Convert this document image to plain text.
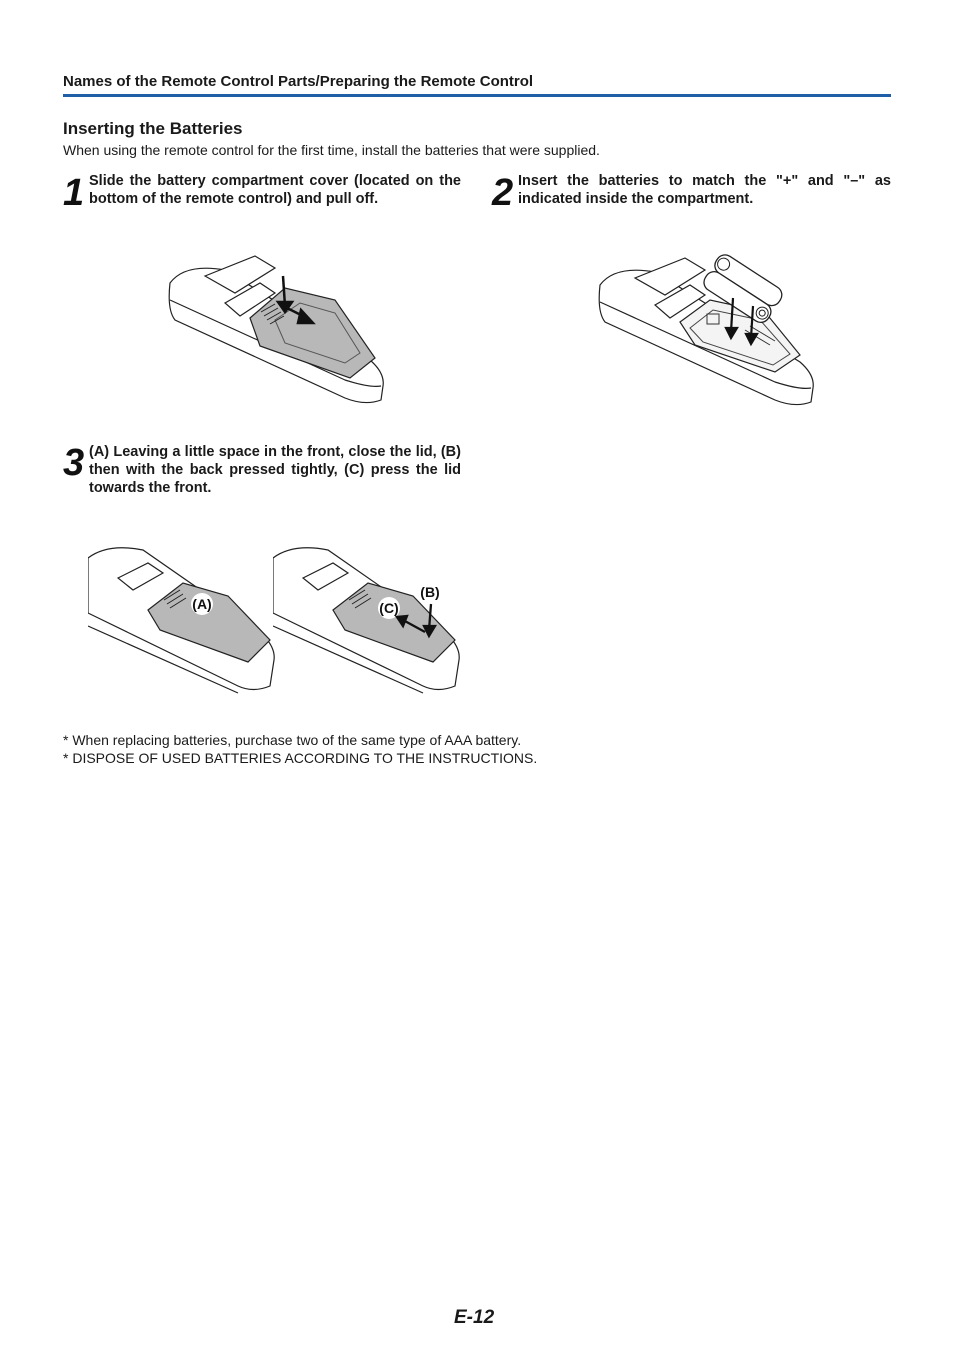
Names of the Remote Control Parts/Preparing the Remote Control
Inserting the Batteries
When using the remote control for the first time, install the batteries that were supplied.
1 Slide the battery compartment cover (located on the bottom of the remote control) and pull off.	2 Insert the batteries to match the "+" and "–" as indicated inside the compartment.
3 (A) Leaving a little space in the front, close the lid, (B) then with the back pressed tightly, (C) press the lid towards the front.
(A)	(C)
(B)
* When replacing batteries, purchase two of the same type of AAA battery.
* DISPOSE OF USED BATTERIES ACCORDING TO THE INSTRUCTIONS.
E-12
